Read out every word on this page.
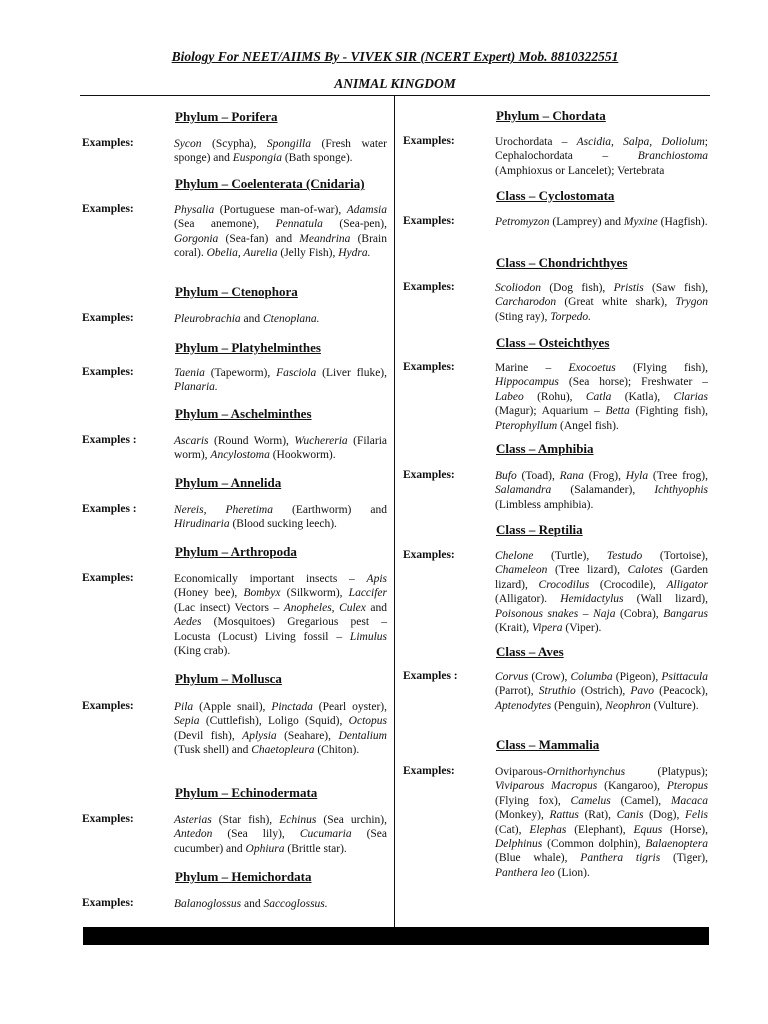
Biology For NEET/AIIMS By - VIVEK SIR (NCERT Expert) Mob. 8810322551
ANIMAL KINGDOM
Phylum – Porifera
Examples:	Sycon (Scypha), Spongilla (Fresh water sponge) and Euspongia (Bath sponge).
Phylum – Coelenterata (Cnidaria)
Examples:	Physalia (Portuguese man-of-war), Adamsia (Sea anemone), Pennatula (Sea-pen), Gorgonia (Sea-fan) and Meandrina (Brain coral). Obelia, Aurelia (Jelly Fish), Hydra.
Phylum – Ctenophora
Examples:	Pleurobrachia and Ctenoplana.
Phylum – Platyhelminthes
Examples:	Taenia (Tapeworm), Fasciola (Liver fluke), Planaria.
Phylum – Aschelminthes
Examples :	Ascaris (Round Worm), Wuchereria (Filaria worm), Ancylostoma (Hookworm).
Phylum – Annelida
Examples :	Nereis, Pheretima (Earthworm) and Hirudinaria (Blood sucking leech).
Phylum – Arthropoda
Examples:	Economically important insects – Apis (Honey bee), Bombyx (Silkworm), Laccifer (Lac insect) Vectors – Anopheles, Culex and Aedes (Mosquitoes) Gregarious pest – Locusta (Locust) Living fossil – Limulus (King crab).
Phylum – Mollusca
Examples:	Pila (Apple snail), Pinctada (Pearl oyster), Sepia (Cuttlefish), Loligo (Squid), Octopus (Devil fish), Aplysia (Seahare), Dentalium (Tusk shell) and Chaetopleura (Chiton).
Phylum – Echinodermata
Examples:	Asterias (Star fish), Echinus (Sea urchin), Antedon (Sea lily), Cucumaria (Sea cucumber) and Ophiura (Brittle star).
Phylum – Hemichordata
Examples:	Balanoglossus and Saccoglossus.
Phylum – Chordata
Examples:	Urochordata – Ascidia, Salpa, Doliolum; Cephalochordata – Branchiostoma (Amphioxus or Lancelet); Vertebrata
Class – Cyclostomata
Examples:	Petromyzon (Lamprey) and Myxine (Hagfish).
Class – Chondrichthyes
Examples:	Scoliodon (Dog fish), Pristis (Saw fish), Carcharodon (Great white shark), Trygon (Sting ray), Torpedo.
Class – Osteichthyes
Examples:	Marine – Exocoetus (Flying fish), Hippocampus (Sea horse); Freshwater – Labeo (Rohu), Catla (Katla), Clarias (Magur); Aquarium – Betta (Fighting fish), Pterophyllum (Angel fish).
Class – Amphibia
Examples:	Bufo (Toad), Rana (Frog), Hyla (Tree frog), Salamandra (Salamander), Ichthyophis (Limbless amphibia).
Class – Reptilia
Examples:	Chelone (Turtle), Testudo (Tortoise), Chameleon (Tree lizard), Calotes (Garden lizard), Crocodilus (Crocodile), Alligator (Alligator). Hemidactylus (Wall lizard), Poisonous snakes – Naja (Cobra), Bangarus (Krait), Vipera (Viper).
Class – Aves
Examples :	Corvus (Crow), Columba (Pigeon), Psittacula (Parrot), Struthio (Ostrich), Pavo (Peacock), Aptenodytes (Penguin), Neophron (Vulture).
Class – Mammalia
Examples:	Oviparous-Ornithorhynchus (Platypus); Viviparous Macropus (Kangaroo), Pteropus (Flying fox), Camelus (Camel), Macaca (Monkey), Rattus (Rat), Canis (Dog), Felis (Cat), Elephas (Elephant), Equus (Horse), Delphinus (Common dolphin), Balaenoptera (Blue whale), Panthera tigris (Tiger), Panthera leo (Lion).
